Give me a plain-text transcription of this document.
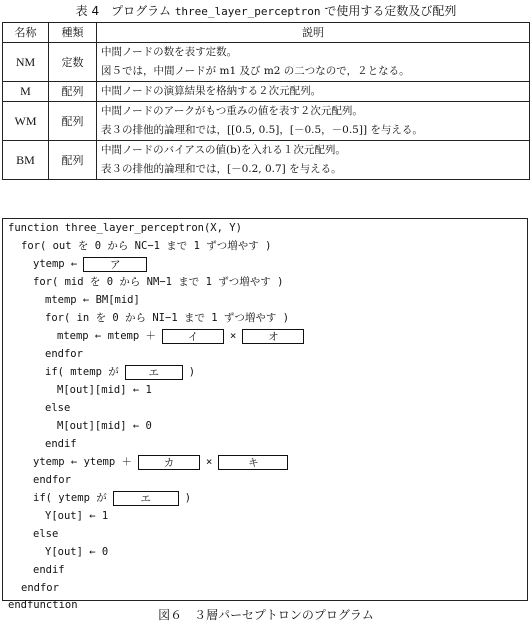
表 4　プログラム three_layer_perceptron で使用する定数及び配列
名称	種類	説明
NM	定数	中間ノードの数を表す定数。
図５では，中間ノードが m1 及び m2 の二つなので，２となる。

M	配列	中間ノードの演算結果を格納する２次元配列。

WM	配列	中間ノードのアークがもつ重みの値を表す２次元配列。
表３の排他的論理和では，[[0.5, 0.5]，[－0.5，－0.5]] を与える。

BM	配列	中間ノードのバイアスの値(b)を入れる１次元配列。
表３の排他的論理和では，[－0.2, 0.7] を与える。
function three_layer_perceptron(X, Y)
for( out を 0 から NC−1 まで 1 ずつ増やす )
ytemp ←	ア
for( mid を 0 から NM−1 まで 1 ずつ増やす )
mtemp ← BM[mid]
for( in を 0 から NI−1 まで 1 ずつ増やす )
mtemp ← mtemp ＋	イ	×	オ
endfor
if( mtemp が	エ	)
M[out][mid] ← 1
else
M[out][mid] ← 0
endif
ytemp ← ytemp ＋	カ	×	キ
endfor
if( ytemp が	エ	)
Y[out] ← 1
else
Y[out] ← 0
endif
endfor
endfunction
図６　３層パーセプトロンのプログラム
